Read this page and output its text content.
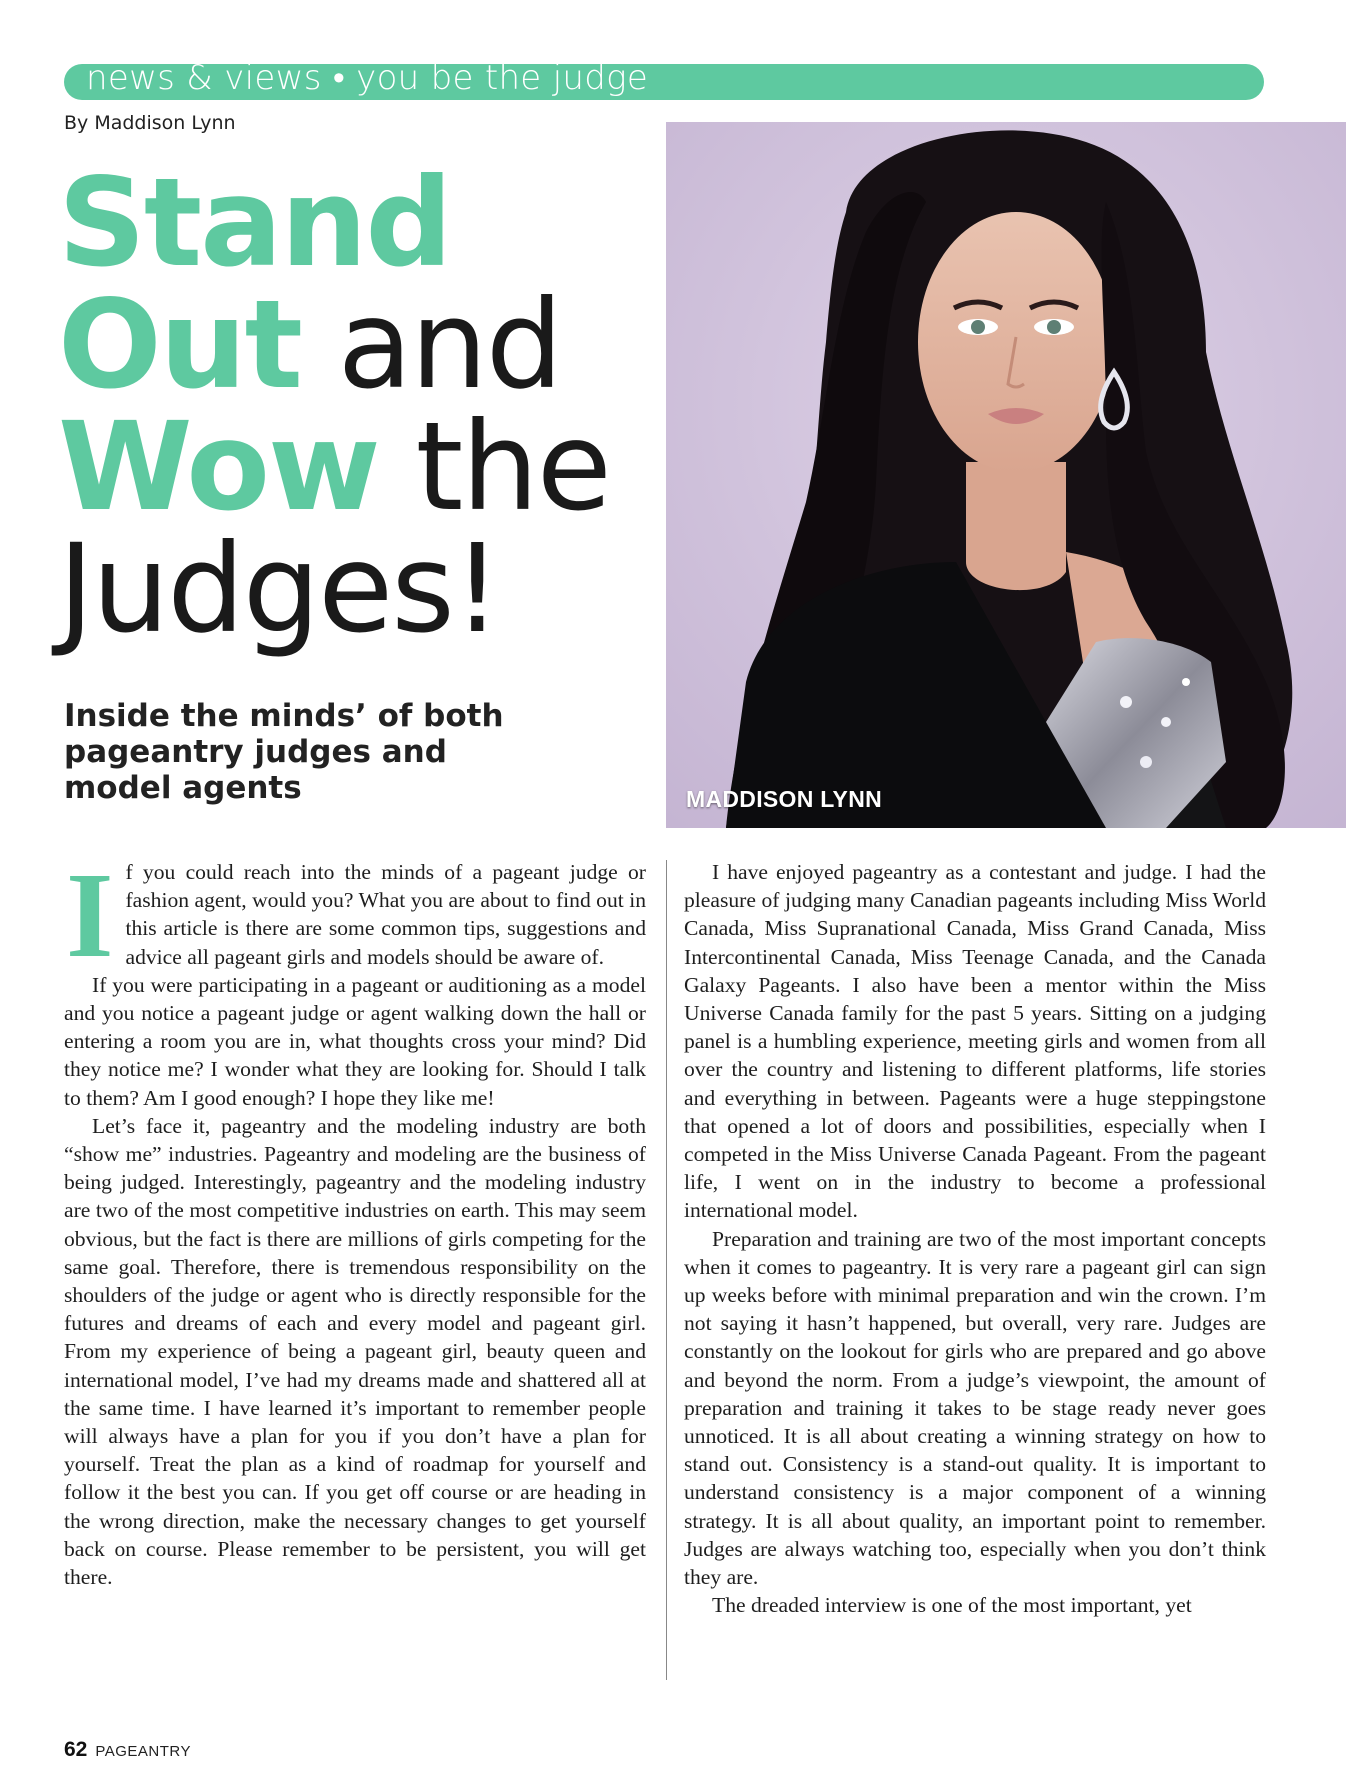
news & views • you be the judge
By Maddison Lynn
Stand
Out and
Wow the
Judges!
Inside the minds’ of both pageantry judges and model agents	MADDISON LYNN

If you could reach into the minds of a pageant judge or fashion agent, would you? What you are about to find out in this article is there are some common tips, suggestions and advice all pageant girls and models should be aware of.

If you were participating in a pageant or auditioning as a model and you notice a pageant judge or agent walking down the hall or entering a room you are in, what thoughts cross your mind? Did they notice me? I wonder what they are looking for. Should I talk to them? Am I good enough? I hope they like me!

Let’s face it, pageantry and the modeling industry are both “show me” industries. Pageantry and modeling are the business of being judged. Interestingly, pageantry and the modeling industry are two of the most competitive industries on earth. This may seem obvious, but the fact is there are millions of girls competing for the same goal. Therefore, there is tremendous responsibility on the shoulders of the judge or agent who is directly responsible for the futures and dreams of each and every model and pageant girl. From my experience of being a pageant girl, beauty queen and international model, I’ve had my dreams made and shattered all at the same time. I have learned it’s important to remember people will always have a plan for you if you don’t have a plan for yourself. Treat the plan as a kind of roadmap for yourself and follow it the best you can. If you get off course or are heading in the wrong direction, make the necessary changes to get yourself back on course. Please remember to be persistent, you will get there.

I have enjoyed pageantry as a contestant and judge. I had the pleasure of judging many Canadian pageants including Miss World Canada, Miss Supranational Canada, Miss Grand Canada, Miss Intercontinental Canada, Miss Teenage Canada, and the Canada Galaxy Pageants. I also have been a mentor within the Miss Universe Canada family for the past 5 years. Sitting on a judging panel is a humbling experience, meeting girls and women from all over the country and listening to different platforms, life stories and everything in between. Pageants were a huge steppingstone that opened a lot of doors and possibilities, especially when I competed in the Miss Universe Canada Pageant. From the pageant life, I went on in the industry to become a professional international model.

Preparation and training are two of the most important concepts when it comes to pageantry. It is very rare a pageant girl can sign up weeks before with minimal preparation and win the crown. I’m not saying it hasn’t happened, but overall, very rare. Judges are constantly on the lookout for girls who are prepared and go above and beyond the norm. From a judge’s viewpoint, the amount of preparation and training it takes to be stage ready never goes unnoticed. It is all about creating a winning strategy on how to stand out. Consistency is a stand-out quality. It is important to understand consistency is a major component of a winning strategy. It is all about quality, an important point to remember. Judges are always watching too, especially when you don’t think they are.

The dreaded interview is one of the most important, yet

62 PAGEANTRY
